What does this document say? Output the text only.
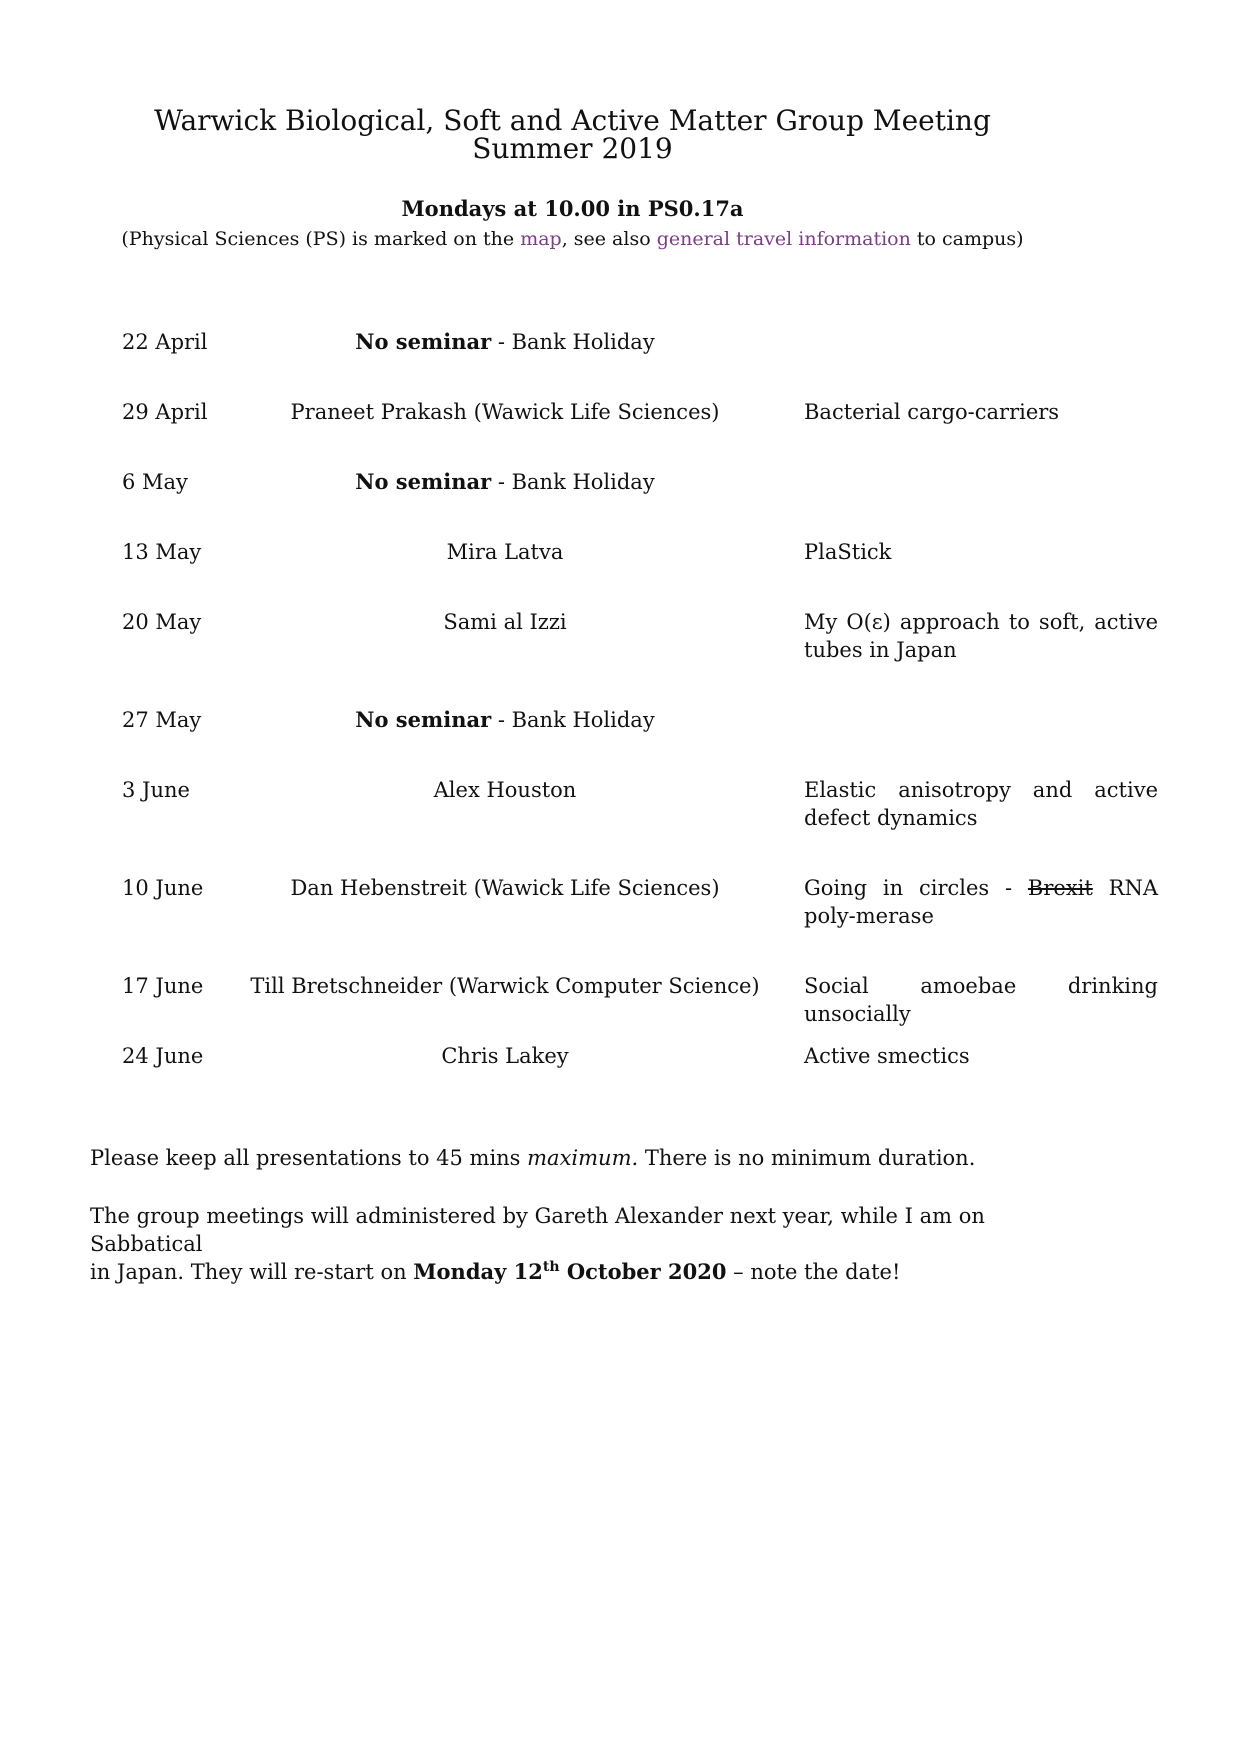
Warwick Biological, Soft and Active Matter Group Meeting
Summer 2019
Mondays at 10.00 in PS0.17a
(Physical Sciences (PS) is marked on the map, see also general travel information to campus)
22 April	No seminar - Bank Holiday
29 April	Praneet Prakash (Wawick Life Sciences)	Bacterial cargo-carriers
6 May	No seminar - Bank Holiday
13 May	Mira Latva	PlaStick
20 May	Sami al Izzi	My O(ε) approach to soft, active tubes in Japan
27 May	No seminar - Bank Holiday
3 June	Alex Houston	Elastic anisotropy and active defect dynamics
10 June	Dan Hebenstreit (Wawick Life Sciences)	Going in circles - Brexit RNA poly-merase
17 June	Till Bretschneider (Warwick Computer Science)	Social amoebae drinking unsocially
24 June	Chris Lakey	Active smectics
Please keep all presentations to 45 mins maximum. There is no minimum duration.
The group meetings will administered by Gareth Alexander next year, while I am on Sabbatical
in Japan. They will re-start on Monday 12th October 2020 – note the date!
